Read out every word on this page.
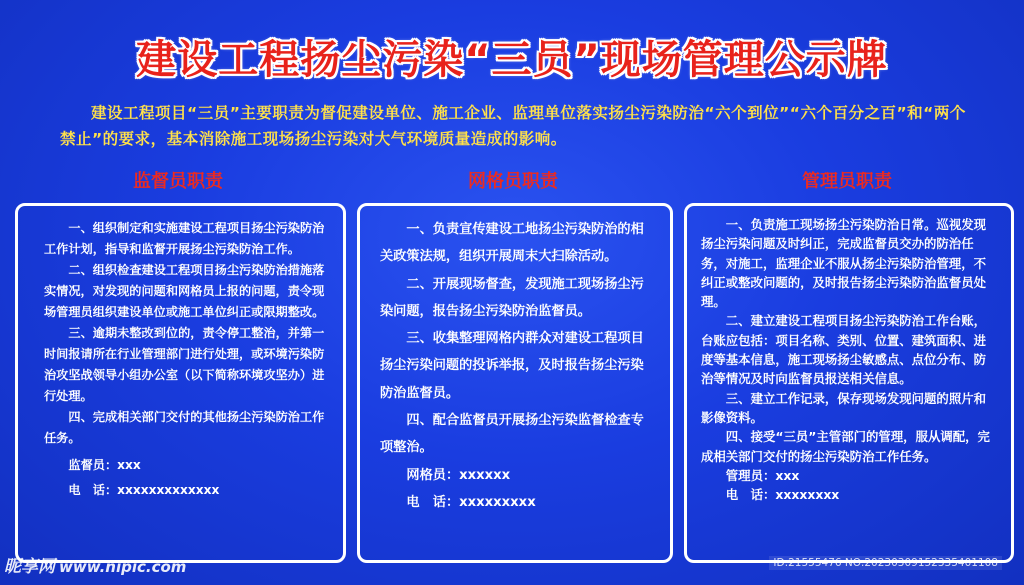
建设工程扬尘污染“三员”现场管理公示牌
建设工程项目“三员”主要职责为督促建设单位、施工企业、监理单位落实扬尘污染防治“六个到位”“六个百分之百”和“两个禁止”的要求，基本消除施工现场扬尘污染对大气环境质量造成的影响。
监督员职责	网格员职责	管理员职责

一、组织制定和实施建设工程项目扬尘污染防治工作计划，指导和监督开展扬尘污染防治工作。

二、组织检查建设工程项目扬尘污染防治措施落实情况，对发现的问题和网格员上报的问题，责令现场管理员组织建设单位或施工单位纠正或限期整改。

三、逾期未整改到位的，责令停工整治，并第一时间报请所在行业管理部门进行处理，或环境污染防治攻坚战领导小组办公室（以下简称环境攻坚办）进行处理。

四、完成相关部门交付的其他扬尘污染防治工作任务。

监督员：xxx

电　话：xxxxxxxxxxxxx

一、负责宣传建设工地扬尘污染防治的相关政策法规，组织开展周末大扫除活动。

二、开展现场督查，发现施工现场扬尘污染问题，报告扬尘污染防治监督员。

三、收集整理网格内群众对建设工程项目扬尘污染问题的投诉举报，及时报告扬尘污染防治监督员。

四、配合监督员开展扬尘污染监督检查专项整治。

网格员：xxxxxx

电　话：xxxxxxxxx

一、负责施工现场扬尘污染防治日常。巡视发现扬尘污染问题及时纠正，完成监督员交办的防治任务，对施工，监理企业不服从扬尘污染防治管理，不纠正或整改问题的，及时报告扬尘污染防治监督员处理。

二、建立建设工程项目扬尘污染防治工作台账，台账应包括：项目名称、类别、位置、建筑面积、进度等基本信息，施工现场扬尘敏感点、点位分布、防治等情况及时向监督员报送相关信息。

三、建立工作记录，保存现场发现问题的照片和影像资料。

四、接受“三员”主管部门的管理，服从调配，完成相关部门交付的扬尘污染防治工作任务。

管理员：xxx

电　话：xxxxxxxx

昵享网 www.nipic.com	ID:21555476 NO:20230309152335401108
